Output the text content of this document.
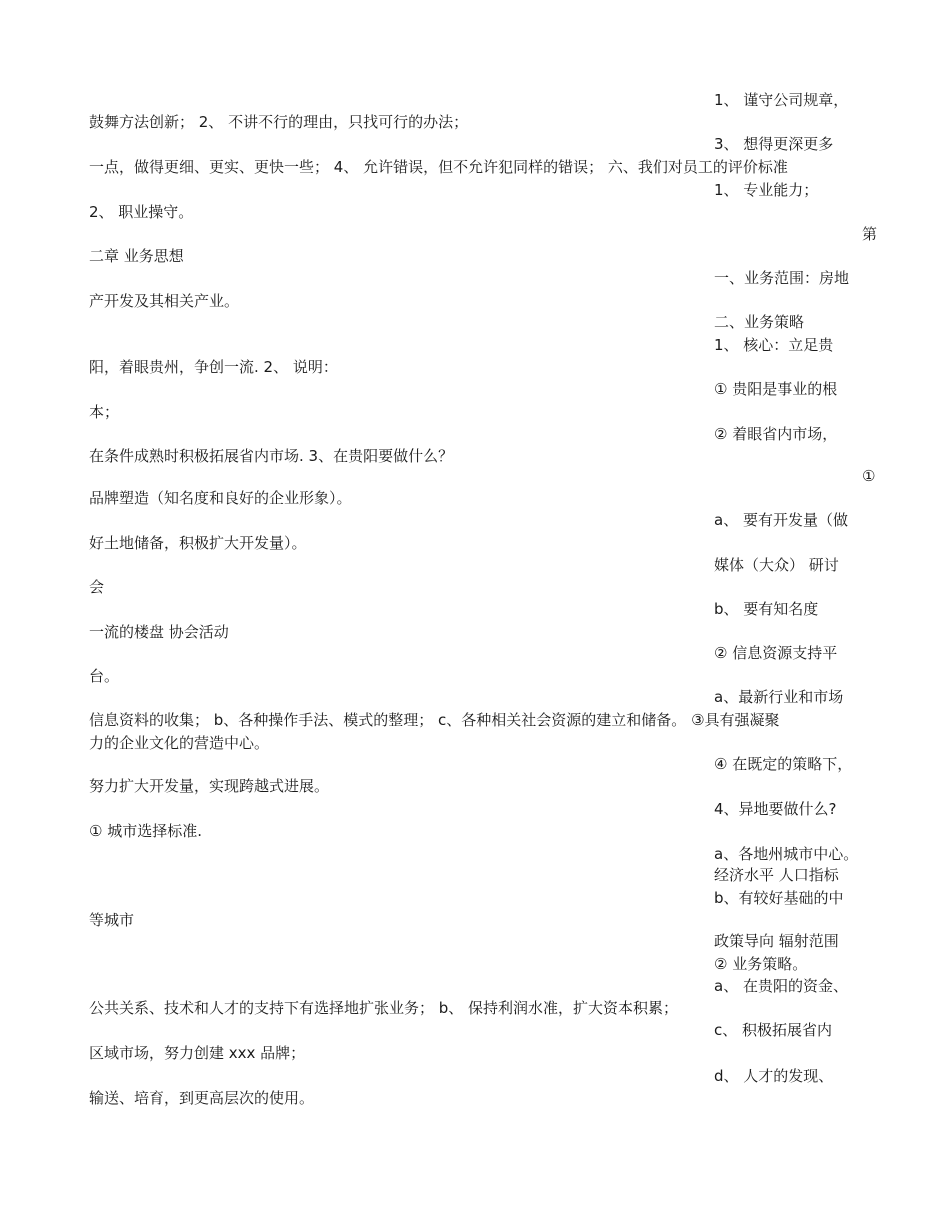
1、 谨守公司规章，
鼓舞方法创新； 2、 不讲不行的理由，只找可行的办法；
3、 想得更深更多
一点，做得更细、更实、更快一些； 4、 允许错误，但不允许犯同样的错误； 六、我们对员工的评价标准
1、 专业能力；
2、 职业操守。
第
二章 业务思想
一、业务范围：房地
产开发及其相关产业。
二、业务策略
1、 核心：立足贵
阳，着眼贵州，争创一流. 2、 说明：
① 贵阳是事业的根
本；
② 着眼省内市场，
在条件成熟时积极拓展省内市场. 3、在贵阳要做什么？
①
品牌塑造（知名度和良好的企业形象）。
a、 要有开发量（做
好土地储备，积极扩大开发量）。
媒体（大众） 研讨
会
b、 要有知名度
一流的楼盘 协会活动
② 信息资源支持平
台。
a、最新行业和市场
信息资料的收集； b、各种操作手法、模式的整理； c、各种相关社会资源的建立和储备。 ③具有强凝聚
力的企业文化的营造中心。
④ 在既定的策略下，
努力扩大开发量，实现跨越式进展。
4、异地要做什么?
① 城市选择标准.
a、各地州城市中心。
经济水平 人口指标
b、有较好基础的中
等城市
政策导向 辐射范围
② 业务策略。
a、 在贵阳的资金、
公共关系、技术和人才的支持下有选择地扩张业务； b、 保持利润水准，扩大资本积累；
c、 积极拓展省内
区域市场，努力创建 xxx 品牌；
d、 人才的发现、
输送、培育，到更高层次的使用。
